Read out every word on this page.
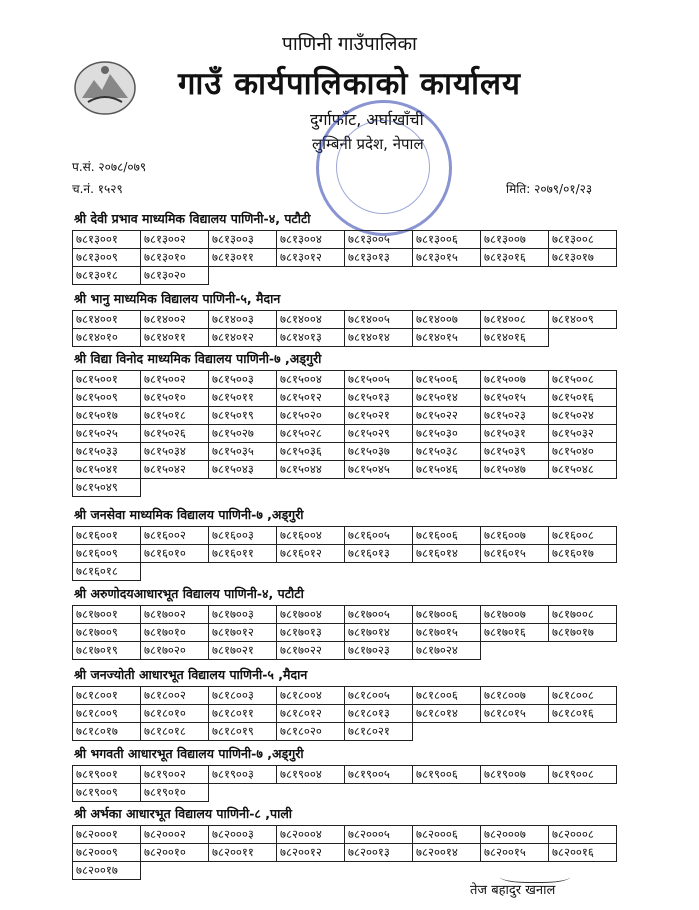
पाणिनी गाउँपालिका
गाउँ कार्यपालिकाको कार्यालय
दुर्गाफाँट, अर्घाखाँची
लुम्बिनी प्रदेश, नेपाल
प.सं. २०७८/०७९
च.नं. १५२९	मिति: २०७९/०१/२३
श्री देवी प्रभाव माध्यमिक विद्यालय पाणिनी-४, पटौटी
७८१३००१	७८१३००२	७८१३००३	७८१३००४	७८१३००५	७८१३००६	७८१३००७	७८१३००८
७८१३००९	७८१३०१०	७८१३०११	७८१३०१२	७८१३०१३	७८१३०१५	७८१३०१६	७८१३०१७
७८१३०१८	७८१३०२०						
श्री भानु माध्यमिक विद्यालय पाणिनी-५, मैदान
७८१४००१	७८१४००२	७८१४००३	७८१४००४	७८१४००५	७८१४००७	७८१४००८	७८१४००९
७८१४०१०	७८१४०११	७८१४०१२	७८१४०१३	७८१४०१४	७८१४०१५	७८१४०१६	
श्री विद्या विनोद माध्यमिक विद्यालय पाणिनी-७ ,अड्गुरी
७८१५००१	७८१५००२	७८१५००३	७८१५००४	७८१५००५	७८१५००६	७८१५००७	७८१५००८
७८१५००९	७८१५०१०	७८१५०११	७८१५०१२	७८१५०१३	७८१५०१४	७८१५०१५	७८१५०१६
७८१५०१७	७८१५०१८	७८१५०१९	७८१५०२०	७८१५०२१	७८१५०२२	७८१५०२३	७८१५०२४
७८१५०२५	७८१५०२६	७८१५०२७	७८१५०२८	७८१५०२९	७८१५०३०	७८१५०३१	७८१५०३२
७८१५०३३	७८१५०३४	७८१५०३५	७८१५०३६	७८१५०३७	७८१५०३८	७८१५०३९	७८१५०४०
७८१५०४१	७८१५०४२	७८१५०४३	७८१५०४४	७८१५०४५	७८१५०४६	७८१५०४७	७८१५०४८
७८१५०४९							
श्री जनसेवा माध्यमिक विद्यालय पाणिनी-७ ,अड्गुरी
७८१६००१	७८१६००२	७८१६००३	७८१६००४	७८१६००५	७८१६००६	७८१६००७	७८१६००८
७८१६००९	७८१६०१०	७८१६०११	७८१६०१२	७८१६०१३	७८१६०१४	७८१६०१५	७८१६०१७
७८१६०१८							
श्री अरुणोदयआधारभूत विद्यालय पाणिनी-४, पटौटी
७८१७००१	७८१७००२	७८१७००३	७८१७००४	७८१७००५	७८१७००६	७८१७००७	७८१७००८
७८१७००९	७८१७०१०	७८१७०१२	७८१७०१३	७८१७०१४	७८१७०१५	७८१७०१६	७८१७०१७
७८१७०१९	७८१७०२०	७८१७०२१	७८१७०२२	७८१७०२३	७८१७०२४		
श्री जनज्योती आधारभूत विद्यालय पाणिनी-५ ,मैदान
७८१८००१	७८१८००२	७८१८००३	७८१८००४	७८१८००५	७८१८००६	७८१८००७	७८१८००८
७८१८००९	७८१८०१०	७८१८०११	७८१८०१२	७८१८०१३	७८१८०१४	७८१८०१५	७८१८०१६
७८१८०१७	७८१८०१८	७८१८०१९	७८१८०२०	७८१८०२१			
श्री भगवती आधारभूत विद्यालय पाणिनी-७ ,अड्गुरी
७८१९००१	७८१९००२	७८१९००३	७८१९००४	७८१९००५	७८१९००६	७८१९००७	७८१९००८
७८१९००९	७८१९०१०						
श्री अर्भका आधारभूत विद्यालय पाणिनी-८ ,पाली
७८२०००१	७८२०००२	७८२०००३	७८२०००४	७८२०००५	७८२०००६	७८२०००७	७८२०००८
७८२०००९	७८२००१०	७८२००११	७८२००१२	७८२००१३	७८२००१४	७८२००१५	७८२००१६
७८२००१७							
तेज बहादुर खनाल
